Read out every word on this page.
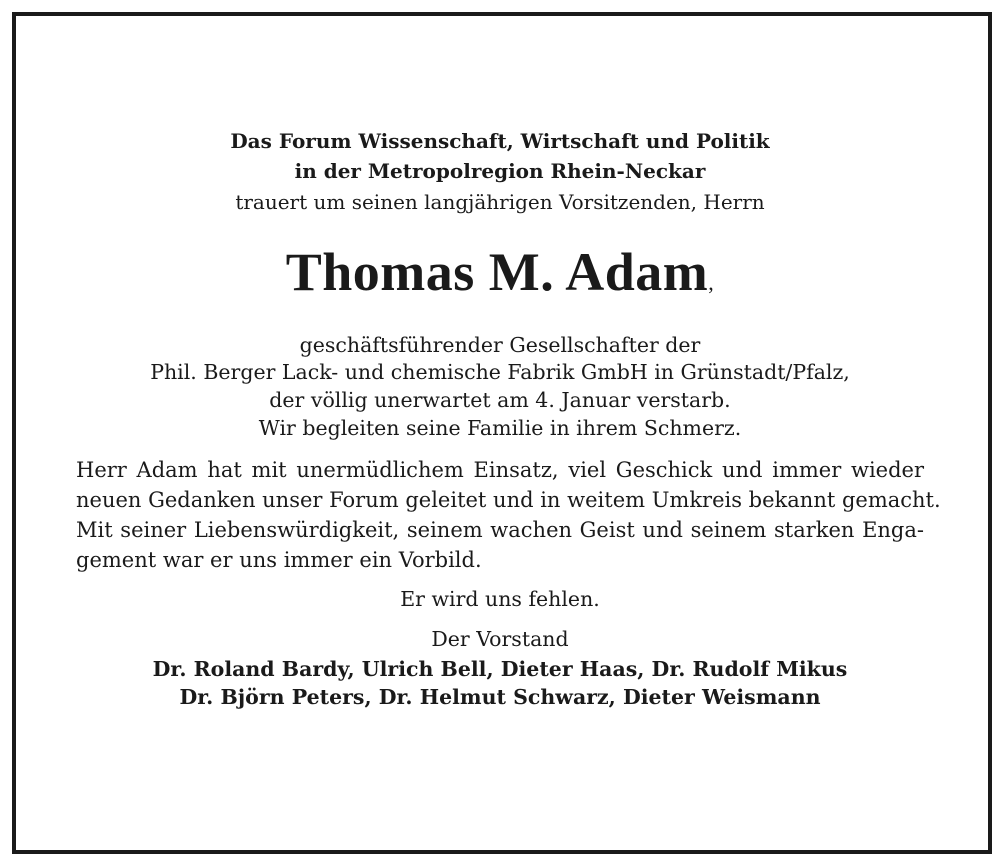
Das Forum Wissenschaft, Wirtschaft und Politik
in der Metropolregion Rhein-Neckar
trauert um seinen langjährigen Vorsitzenden, Herrn
Thomas M. Adam,
geschäftsführender Gesellschafter der
Phil. Berger Lack- und chemische Fabrik GmbH in Grünstadt/Pfalz,
der völlig unerwartet am 4. Januar verstarb.
Wir begleiten seine Familie in ihrem Schmerz.
Herr Adam hat mit unermüdlichem Einsatz, viel Geschick und immer wieder
neuen Gedanken unser Forum geleitet und in weitem Umkreis bekannt gemacht.
Mit seiner Liebenswürdigkeit, seinem wachen Geist und seinem starken Enga-
gement war er uns immer ein Vorbild.
Er wird uns fehlen.
Der Vorstand
Dr. Roland Bardy, Ulrich Bell, Dieter Haas, Dr. Rudolf Mikus
Dr. Björn Peters, Dr. Helmut Schwarz, Dieter Weismann
